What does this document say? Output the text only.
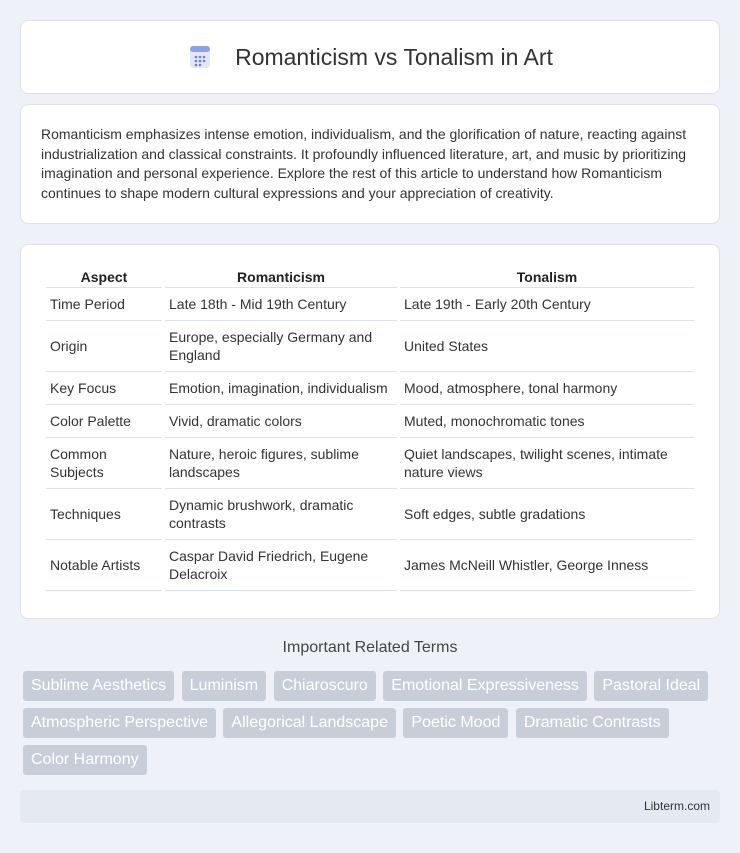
Romanticism vs Tonalism in Art

Romanticism emphasizes intense emotion, individualism, and the glorification of nature, reacting against industrialization and classical constraints. It profoundly influenced literature, art, and music by prioritizing imagination and personal experience. Explore the rest of this article to understand how Romanticism continues to shape modern cultural expressions and your appreciation of creativity.

Aspect	Romanticism	Tonalism
Time Period	Late 18th - Mid 19th Century	Late 19th - Early 20th Century
Origin	Europe, especially Germany and England	United States
Key Focus	Emotion, imagination, individualism	Mood, atmosphere, tonal harmony
Color Palette	Vivid, dramatic colors	Muted, monochromatic tones
Common Subjects	Nature, heroic figures, sublime landscapes	Quiet landscapes, twilight scenes, intimate nature views
Techniques	Dynamic brushwork, dramatic contrasts	Soft edges, subtle gradations
Notable Artists	Caspar David Friedrich, Eugene Delacroix	James McNeill Whistler, George Inness
Important Related Terms
Sublime Aesthetics Luminism Chiaroscuro Emotional Expressiveness Pastoral Ideal Atmospheric Perspective Allegorical Landscape Poetic Mood Dramatic Contrasts Color Harmony
Libterm.com
